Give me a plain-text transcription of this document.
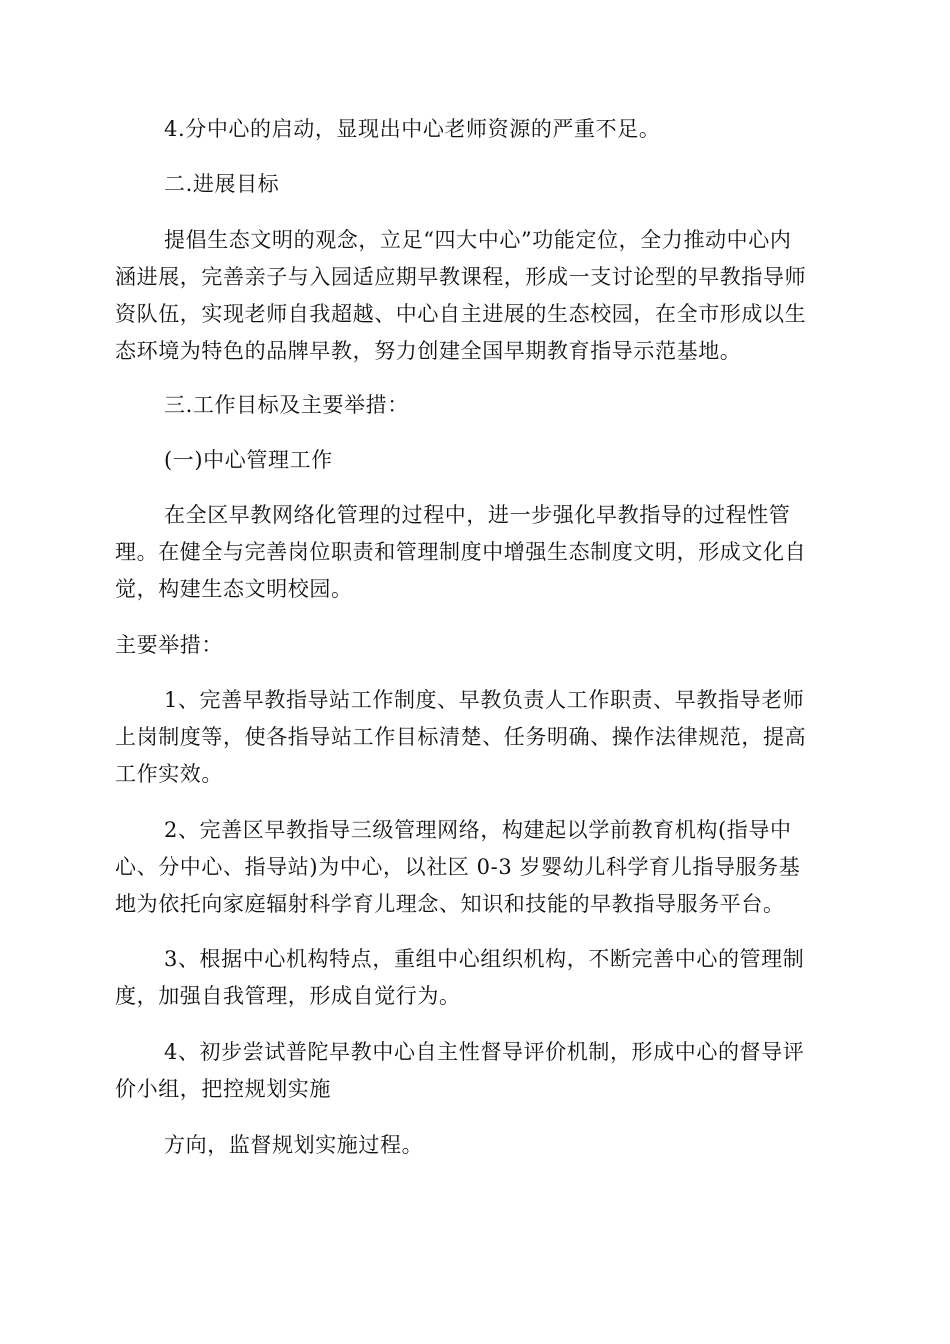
4.分中心的启动，显现出中心老师资源的严重不足。
二.进展目标
提倡生态文明的观念，立足“四大中心”功能定位，全力推动中心内
涵进展，完善亲子与入园适应期早教课程，形成一支讨论型的早教指导师
资队伍，实现老师自我超越、中心自主进展的生态校园，在全市形成以生
态环境为特色的品牌早教，努力创建全国早期教育指导示范基地。
三.工作目标及主要举措：
(一)中心管理工作
在全区早教网络化管理的过程中，进一步强化早教指导的过程性管
理。在健全与完善岗位职责和管理制度中增强生态制度文明，形成文化自
觉，构建生态文明校园。
主要举措：
1、完善早教指导站工作制度、早教负责人工作职责、早教指导老师
上岗制度等，使各指导站工作目标清楚、任务明确、操作法律规范，提高
工作实效。
2、完善区早教指导三级管理网络，构建起以学前教育机构(指导中
心、分中心、指导站)为中心，以社区 0-3 岁婴幼儿科学育儿指导服务基
地为依托向家庭辐射科学育儿理念、知识和技能的早教指导服务平台。
3、根据中心机构特点，重组中心组织机构，不断完善中心的管理制
度，加强自我管理，形成自觉行为。
4、初步尝试普陀早教中心自主性督导评价机制，形成中心的督导评
价小组，把控规划实施
方向，监督规划实施过程。
